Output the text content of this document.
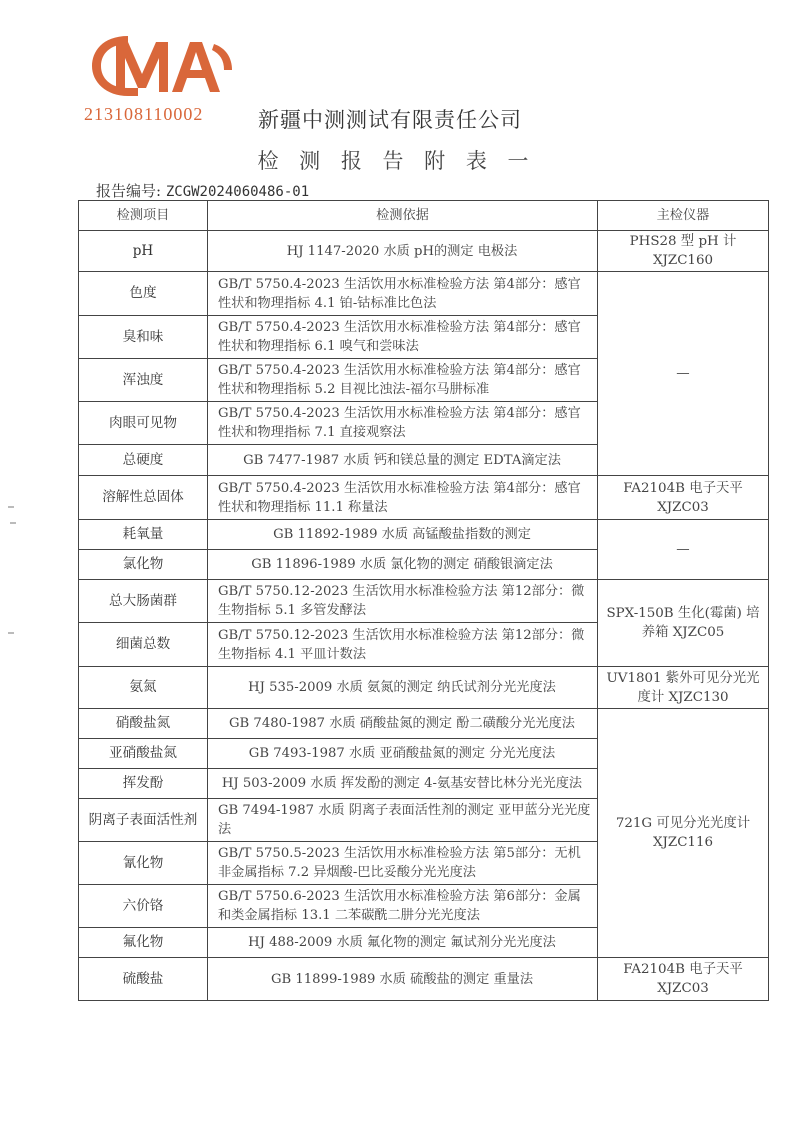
213108110002	新疆中测测试有限责任公司
检 测 报 告 附 表 一
报告编号: ZCGW2024060486-01
检测项目	检测依据	主检仪器
pH	HJ 1147-2020 水质 pH的测定 电极法	PHS28 型 pH 计 XJZC160
色度	GB/T 5750.4-2023 生活饮用水标准检验方法 第4部分：感官性状和物理指标 4.1 铂-钴标准比色法	—
臭和味	GB/T 5750.4-2023 生活饮用水标准检验方法 第4部分：感官性状和物理指标 6.1 嗅气和尝味法	
浑浊度	GB/T 5750.4-2023 生活饮用水标准检验方法 第4部分：感官性状和物理指标 5.2 目视比浊法-福尔马肼标准	
肉眼可见物	GB/T 5750.4-2023 生活饮用水标准检验方法 第4部分：感官性状和物理指标 7.1 直接观察法	
总硬度	GB 7477-1987 水质 钙和镁总量的测定 EDTA滴定法	
溶解性总固体	GB/T 5750.4-2023 生活饮用水标准检验方法 第4部分：感官性状和物理指标 11.1 称量法	FA2104B 电子天平 XJZC03
耗氧量	GB 11892-1989 水质 高锰酸盐指数的测定	—
氯化物	GB 11896-1989 水质 氯化物的测定 硝酸银滴定法	
总大肠菌群	GB/T 5750.12-2023 生活饮用水标准检验方法 第12部分：微生物指标 5.1 多管发酵法	SPX-150B 生化(霉菌) 培养箱 XJZC05
细菌总数	GB/T 5750.12-2023 生活饮用水标准检验方法 第12部分：微生物指标 4.1 平皿计数法	
氨氮	HJ 535-2009 水质 氨氮的测定 纳氏试剂分光光度法	UV1801 紫外可见分光光度计 XJZC130
硝酸盐氮	GB 7480-1987 水质 硝酸盐氮的测定 酚二磺酸分光光度法	721G 可见分光光度计 XJZC116
亚硝酸盐氮	GB 7493-1987 水质 亚硝酸盐氮的测定 分光光度法	
挥发酚	HJ 503-2009 水质 挥发酚的测定 4-氨基安替比林分光光度法	
阴离子表面活性剂	GB 7494-1987 水质 阴离子表面活性剂的测定 亚甲蓝分光光度法	
氰化物	GB/T 5750.5-2023 生活饮用水标准检验方法 第5部分：无机非金属指标 7.2 异烟酸-巴比妥酸分光光度法	
六价铬	GB/T 5750.6-2023 生活饮用水标准检验方法 第6部分：金属和类金属指标 13.1 二苯碳酰二肼分光光度法	
氟化物	HJ 488-2009 水质 氟化物的测定 氟试剂分光光度法	
硫酸盐	GB 11899-1989 水质 硫酸盐的测定 重量法	FA2104B 电子天平 XJZC03
